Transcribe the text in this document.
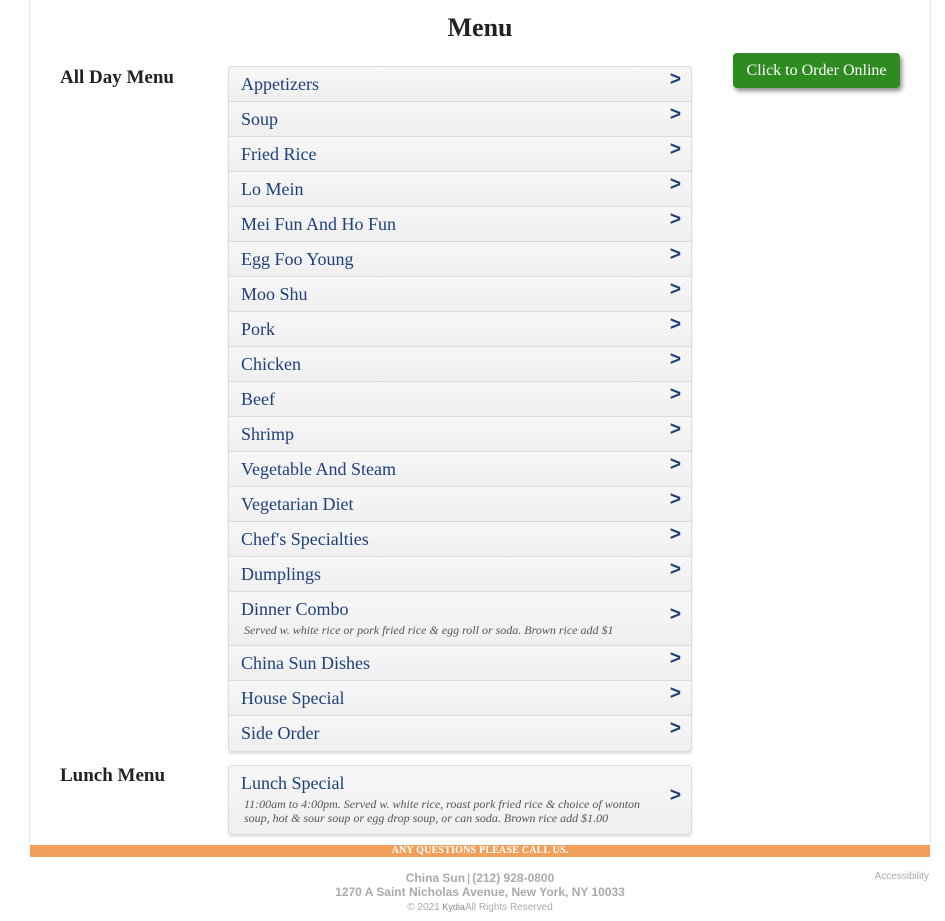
Menu
All Day Menu	Click to Order Online
Appetizers	>
Soup	>
Fried Rice	>
Lo Mein	>
Mei Fun And Ho Fun	>
Egg Foo Young	>
Moo Shu	>
Pork	>
Chicken	>
Beef	>
Shrimp	>
Vegetable And Steam	>
Vegetarian Diet	>
Chef's Specialties	>
Dumplings	>
Dinner Combo
Served w. white rice or pork fried rice & egg roll or soda. Brown rice add $1
>
China Sun Dishes	>
House Special	>
Side Order	>
Lunch Menu	Lunch Special
11:00am to 4:00pm. Served w. white rice, roast pork fried rice & choice of wonton soup, hot & sour soup or egg drop soup, or can soda. Brown rice add $1.00
>
ANY QUESTIONS PLEASE CALL US.
China Sun | (212) 928-0800
1270 A Saint Nicholas Avenue, New York, NY 10033
© 2021 KydiaAll Rights Reserved
Accessibility
